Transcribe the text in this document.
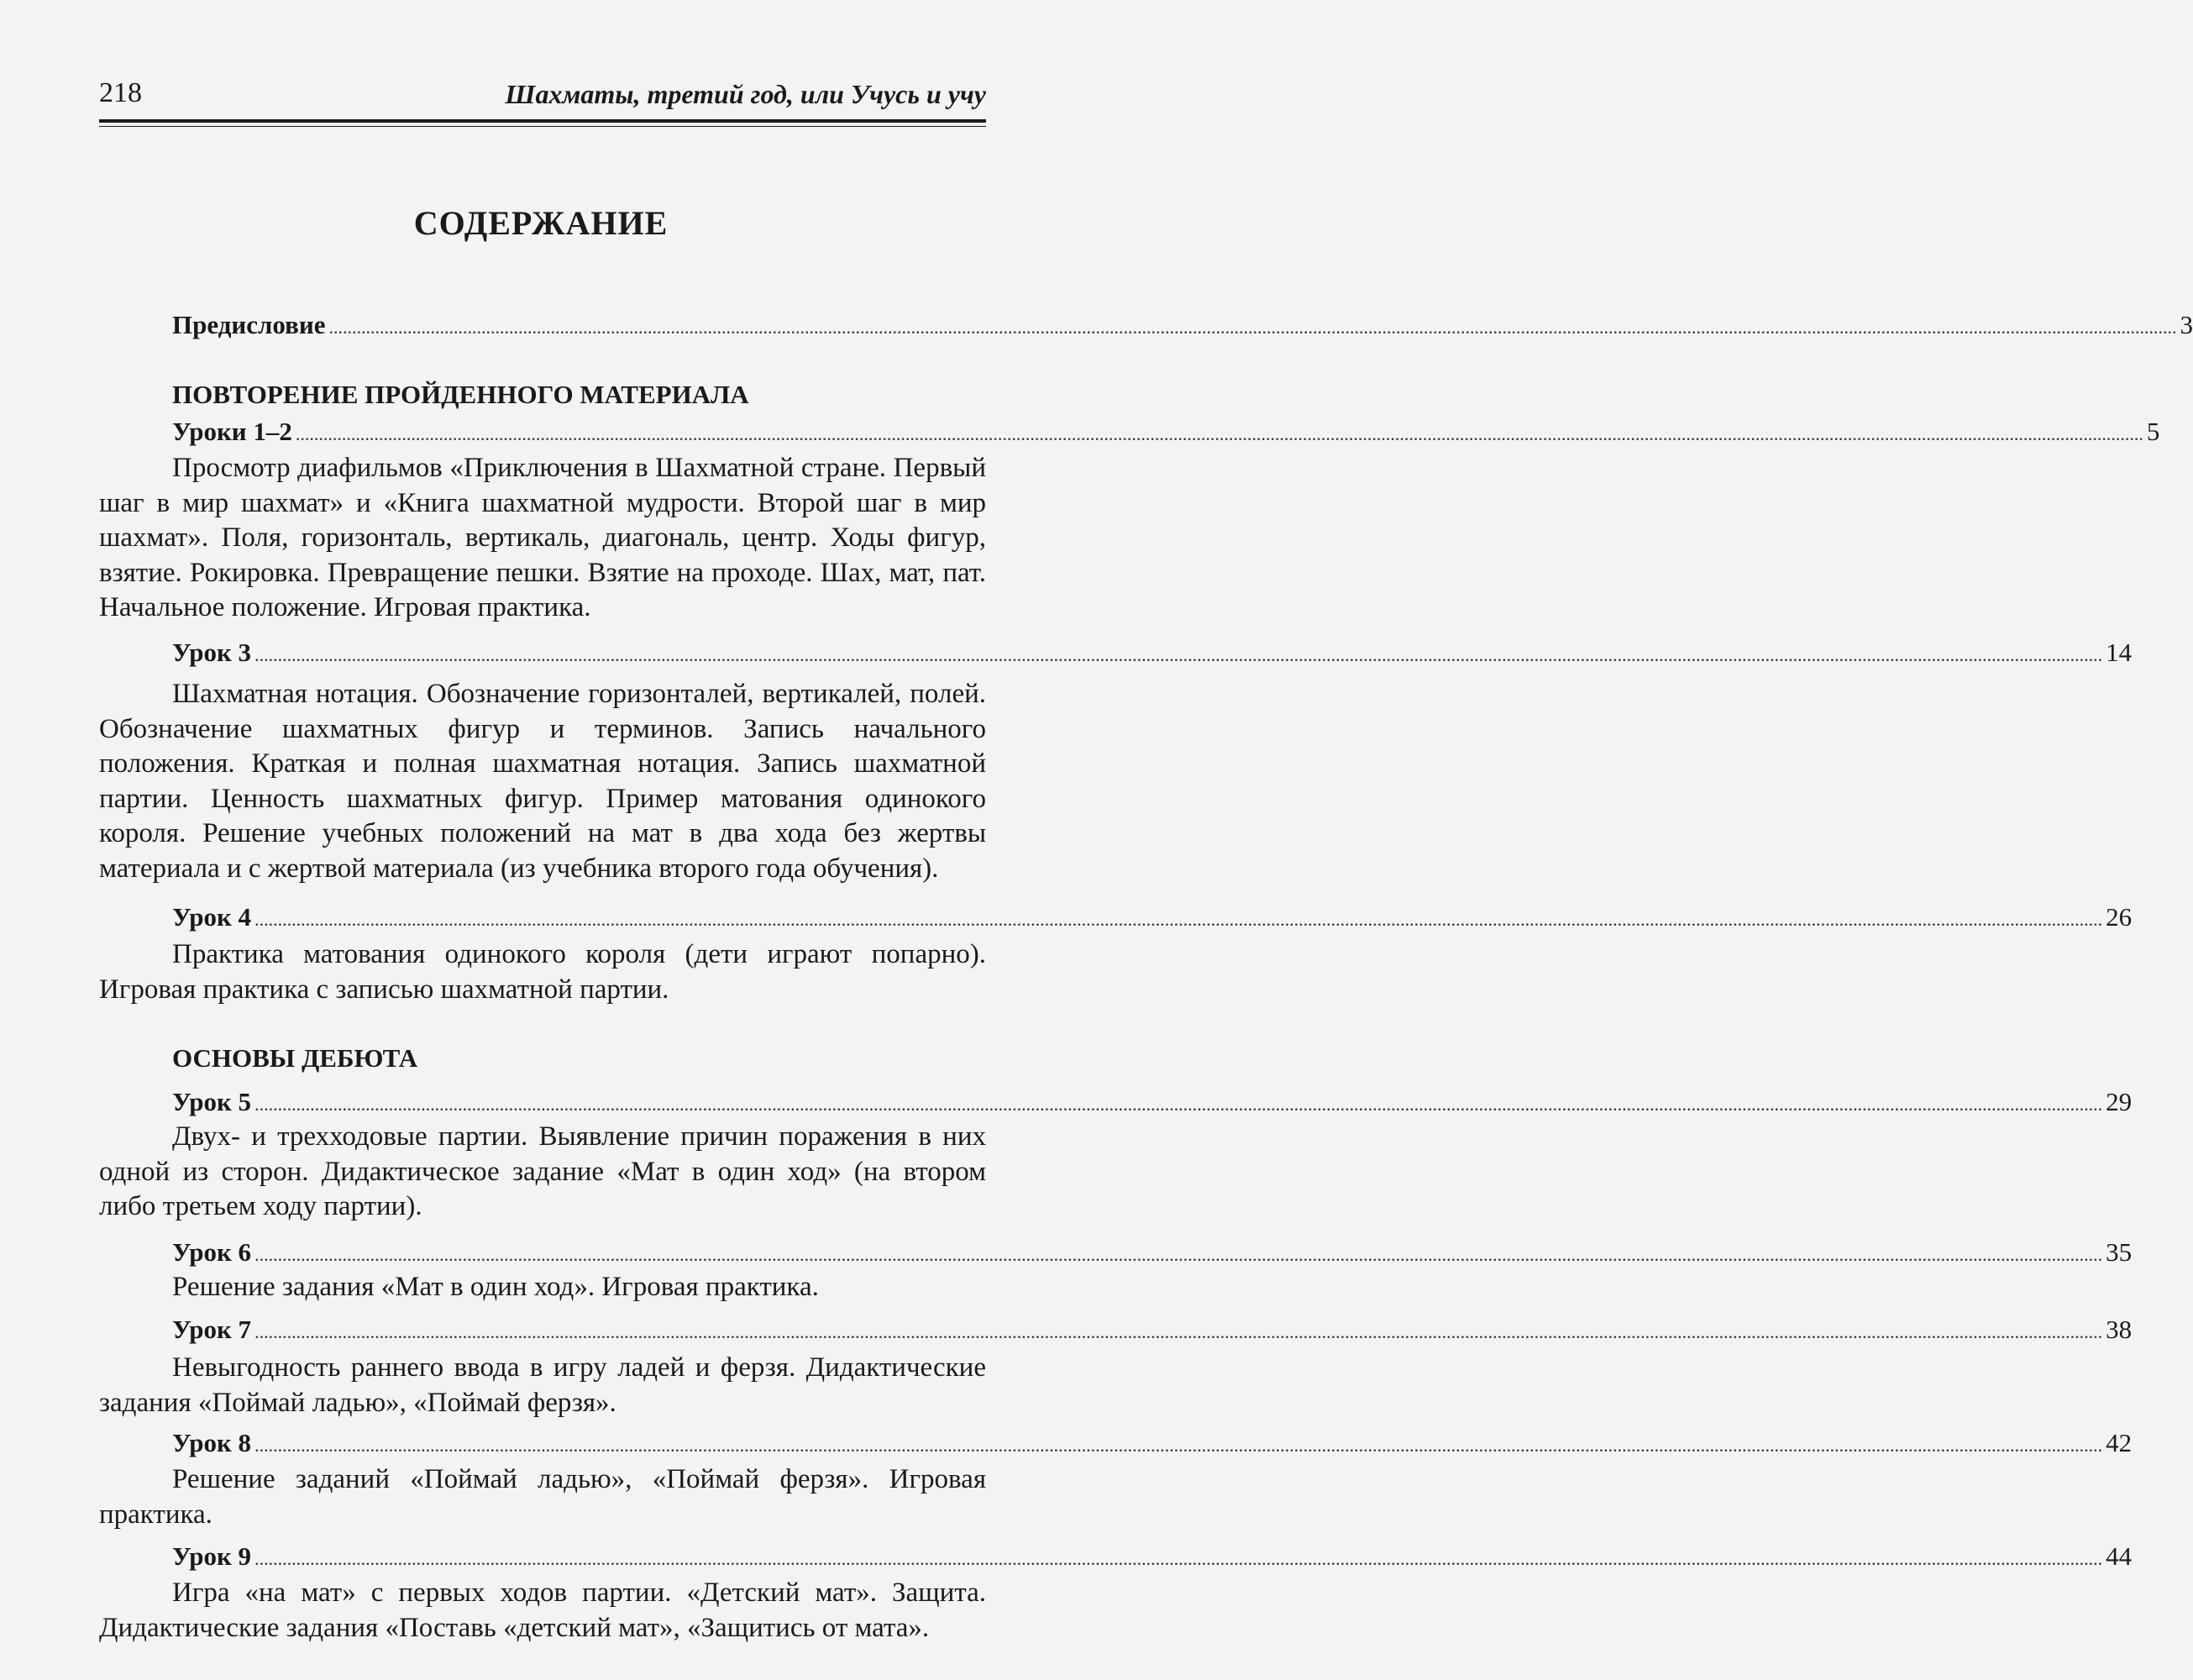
218	Шахматы, третий год, или Учусь и учу
СОДЕРЖАНИЕ
Предисловие ................................................................................................................................................................................................................................................................................................................................................................................................................ 3
ПОВТОРЕНИЕ ПРОЙДЕННОГО МАТЕРИАЛА
Уроки 1–2 ................................................................................................................................................................................................................................................................................................................................................................................................................ 5
Просмотр диафильмов «Приключения в Шахматной стране. Первый шаг в мир шахмат» и «Книга шахматной мудрости. Второй шаг в мир шахмат». Поля, горизонталь, вертикаль, диагональ, центр. Ходы фигур, взятие. Рокировка. Превращение пешки. Взятие на проходе. Шах, мат, пат. Начальное положение. Игровая практика.
Урок 3 ................................................................................................................................................................................................................................................................................................................................................................................................................ 14
Шахматная нотация. Обозначение горизонталей, вертикалей, полей. Обозначение шахматных фигур и терминов. Запись начального положения. Краткая и полная шахматная нотация. Запись шахматной партии. Ценность шахматных фигур. Пример матования одинокого короля. Решение учебных положений на мат в два хода без жертвы материала и с жертвой материала (из учебника второго года обучения).
Урок 4 ................................................................................................................................................................................................................................................................................................................................................................................................................ 26
Практика матования одинокого короля (дети играют попарно). Игровая практика с записью шахматной партии.
ОСНОВЫ ДЕБЮТА
Урок 5 ................................................................................................................................................................................................................................................................................................................................................................................................................ 29
Двух- и трехходовые партии. Выявление причин поражения в них одной из сторон. Дидактическое задание «Мат в один ход» (на втором либо третьем ходу партии).
Урок 6 ................................................................................................................................................................................................................................................................................................................................................................................................................ 35
Решение задания «Мат в один ход». Игровая практика.
Урок 7 ................................................................................................................................................................................................................................................................................................................................................................................................................ 38
Невыгодность раннего ввода в игру ладей и ферзя. Дидактические задания «Поймай ладью», «Поймай ферзя».
Урок 8 ................................................................................................................................................................................................................................................................................................................................................................................................................ 42
Решение заданий «Поймай ладью», «Поймай ферзя». Игровая практика.
Урок 9 ................................................................................................................................................................................................................................................................................................................................................................................................................ 44
Игра «на мат» с первых ходов партии. «Детский мат». Защита. Дидактические задания «Поставь «детский мат», «Защитись от мата».
